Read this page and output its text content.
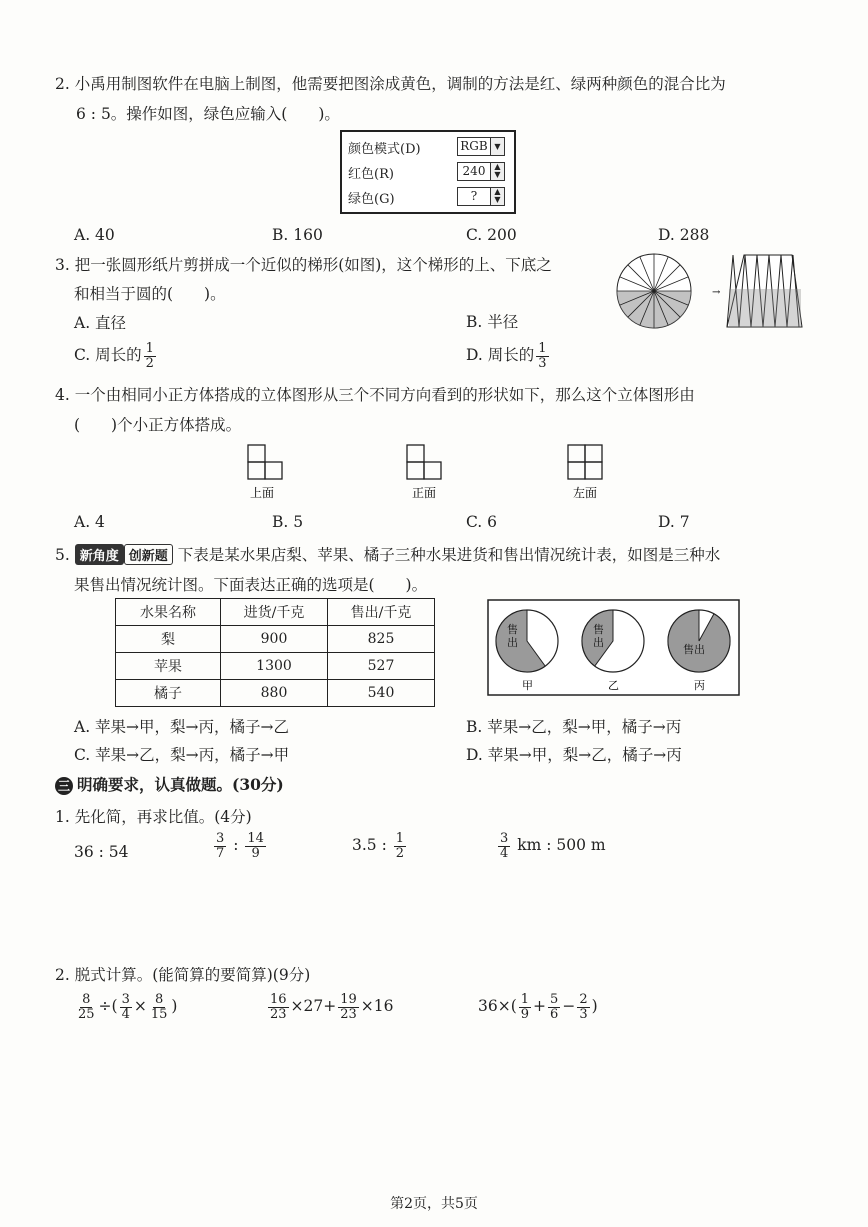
2. 小禹用制图软件在电脑上制图，他需要把图涂成黄色，调制的方法是红、绿两种颜色的混合比为
6 : 5。操作如图，绿色应输入(　　)。
颜色模式(D)	RGB ▼
红色(R)	240	▲
▼
绿色(G)	?	▲
▼
A. 40	B. 160	C. 200	D. 288
3. 把一张圆形纸片剪拼成一个近似的梯形(如图)，这个梯形的上、下底之
和相当于圆的(　　)。
A. 直径	B. 半径
C. 周长的 $\frac{1}{2}$	D. 周长的 $\frac{1}{3}$
→
4. 一个由相同小正方体搭成的立体图形从三个不同方向看到的形状如下，那么这个立体图形由
(　　)个小正方体搭成。
上面	正面	左面
A. 4	B. 5	C. 6	D. 7
5. 新角度 创新题 下表是某水果店梨、苹果、橘子三种水果进货和售出情况统计表，如图是三种水
果售出情况统计图。下面表达正确的选项是(　　)。
水果名称	进货/千克	售出/千克
梨	900	825
苹果	1300	527
橘子	880	540
售出
甲
售出
乙
售出
丙
A. 苹果→甲，梨→丙，橘子→乙	B. 苹果→乙，梨→甲，橘子→丙
C. 苹果→乙，梨→丙，橘子→甲	D. 苹果→甲，梨→乙，橘子→丙
三 明确要求，认真做题。(30分)
1. 先化简，再求比值。(4分)
36 : 54	$\frac{3}{7}$ : $\frac{14}{9}$	3.5 : $\frac{1}{2}$	$\frac{3}{4}$ km : 500 m
2. 脱式计算。(能简算的要简算)(9分)
$\frac{8}{25}$ ÷( $\frac{3}{4} \times \frac{8}{15}$ )	$\frac{16}{23} \times 27+ \frac{19}{23} \times 16$	$36\times( \frac{1}{9} + \frac{5}{6} - \frac{2}{3}$ )
第2页，共5页
